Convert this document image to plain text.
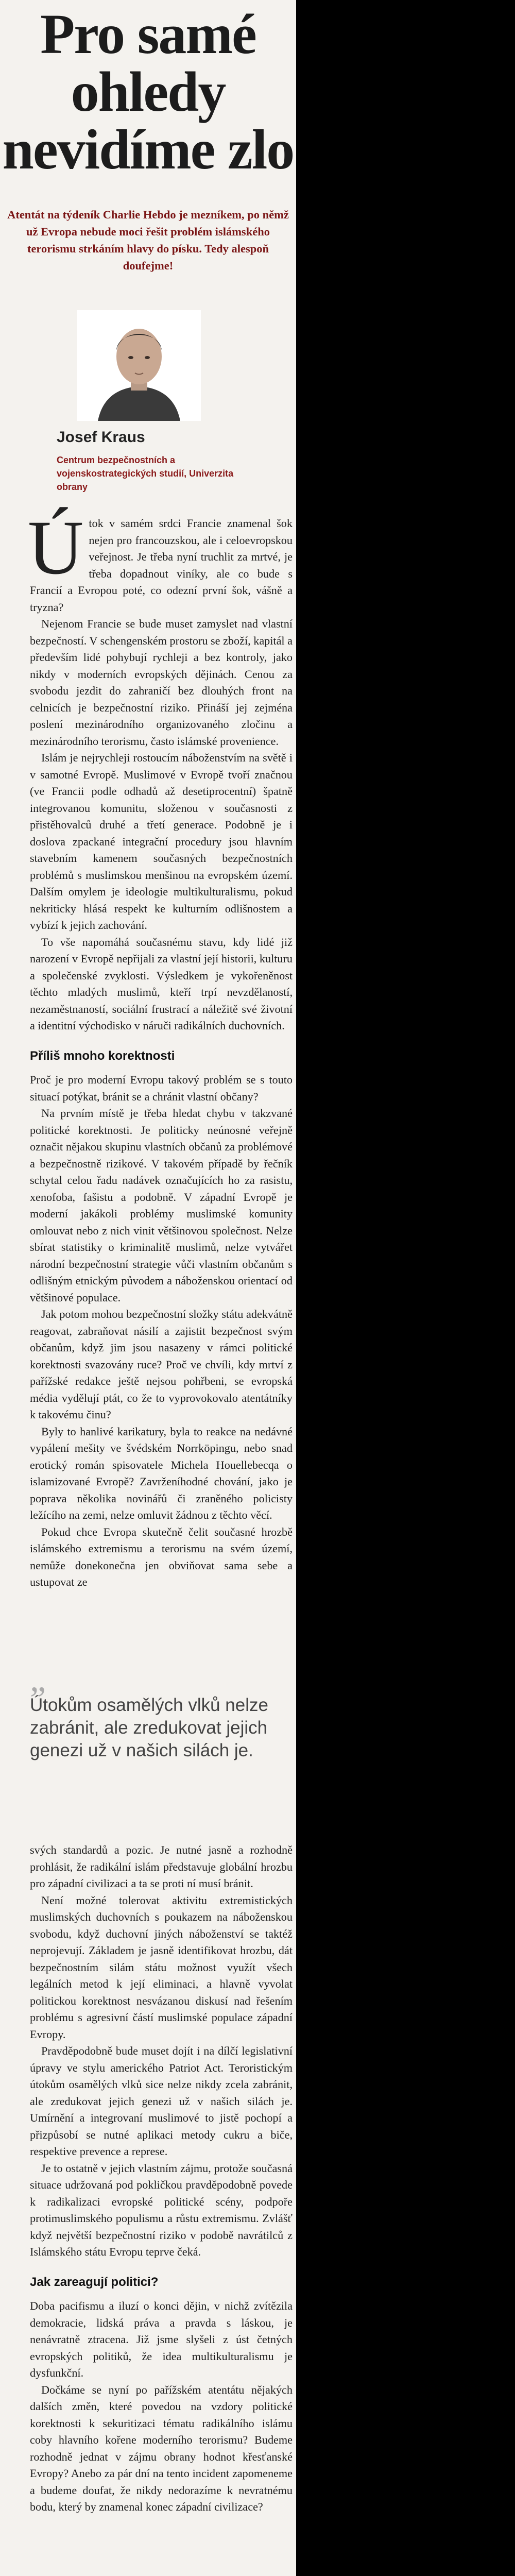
Pro samé
ohledy
nevidíme zlo
Atentát na týdeník Charlie Hebdo je mezníkem, po němž už Evropa nebude moci řešit problém islámského terorismu strkáním hlavy do písku. Tedy alespoň doufejme!
Josef Kraus
Centrum bezpečnostních a vojenskostrategických studií, Univerzita obrany
Ú tok v samém srdci Francie znamenal šok nejen pro francouzskou, ale i celoevropskou veřejnost. Je třeba nyní truchlit za mrtvé, je třeba dopadnout viníky, ale co bude s Francií a Evropou poté, co odezní první šok, vášně a tryzna?

Nejenom Francie se bude muset zamyslet nad vlastní bezpečností. V schengenském prostoru se zboží, kapitál a především lidé pohybují rychleji a bez kontroly, jako nikdy v moderních evropských dějinách. Cenou za svobodu jezdit do zahraničí bez dlouhých front na celnicích je bezpečnostní riziko. Přináší jej zejména poslení mezinárodního organizovaného zločinu a mezinárodního terorismu, často islámské provenience.

Islám je nejrychleji rostoucím náboženstvím na světě i v samotné Evropě. Muslimové v Evropě tvoří značnou (ve Francii podle odhadů až desetiprocentní) špatně integrovanou komunitu, složenou v současnosti z přistěhovalců druhé a třetí generace. Podobně je i doslova zpackané integrační procedury jsou hlavním stavebním kamenem současných bezpečnostních problémů s muslimskou menšinou na evropském území. Dalším omylem je ideologie multikulturalismu, pokud nekriticky hlásá respekt ke kulturním odlišnostem a vybízí k jejich zachování.

To vše napomáhá současnému stavu, kdy lidé již narození v Evropě nepřijali za vlastní její historii, kulturu a společenské zvyklosti. Výsledkem je vykořeněnost těchto mladých muslimů, kteří trpí nevzdělaností, nezaměstnaností, sociální frustrací a náležitě své životní a identitní východisko v náruči radikálních duchovních.

Příliš mnoho korektnosti

Proč je pro moderní Evropu takový problém se s touto situací potýkat, bránit se a chránit vlastní občany?

Na prvním místě je třeba hledat chybu v takzvané politické korektnosti. Je politicky neúnosné veřejně označit nějakou skupinu vlastních občanů za problémové a bezpečnostně rizikové. V takovém případě by řečník schytal celou řadu nadávek označujících ho za rasistu, xenofoba, fašistu a podobně. V západní Evropě je moderní jakákoli problémy muslimské komunity omlouvat nebo z nich vinit většinovou společnost. Nelze sbírat statistiky o kriminalitě muslimů, nelze vytvářet národní bezpečnostní strategie vůči vlastním občanům s odlišným etnickým původem a náboženskou orientací od většinové populace.

Jak potom mohou bezpečnostní složky státu adekvátně reagovat, zabraňovat násilí a zajistit bezpečnost svým občanům, když jim jsou nasazeny v rámci politické korektnosti svazovány ruce? Proč ve chvíli, kdy mrtví z pařížské redakce ještě nejsou pohřbeni, se evropská média vydělují ptát, co že to vyprovokovalo atentátníky k takovému činu?

Byly to hanlivé karikatury, byla to reakce na nedávné vypálení mešity ve švédském Norrköpingu, nebo snad erotický román spisovatele Michela Houellebecqa o islamizované Evropě? Zavrženíhodné chování, jako je popravа několika novinářů či zraněného policisty ležícího na zemi, nelze omluvit žádnou z těchto věcí.

Pokud chce Evropa skutečně čelit současné hrozbě islámského extremismu a terorismu na svém území, nemůže donekonečna jen obviňovat sama sebe a ustupovat ze

„
Útokům osamělých vlků nelze zabránit, ale zredukovat jejich genezi už v našich silách je.

svých standardů a pozic. Je nutné jasně a rozhodně prohlásit, že radikální islám představuje globální hrozbu pro západní civilizaci a ta se proti ní musí bránit.

Není možné tolerovat aktivitu extremistických muslimských duchovních s poukazem na náboženskou svobodu, když duchovní jiných náboženství se taktéž neprojevují. Základem je jasně identifikovat hrozbu, dát bezpečnostním silám státu možnost využít všech legálních metod k její eliminaci, a hlavně vyvolat politickou korektnost nesvázanou diskusí nad řešením problému s agresivní částí muslimské populace západní Evropy.

Pravděpodobně bude muset dojít i na dílčí legislativní úpravy ve stylu amerického Patriot Act. Teroristickým útokům osamělých vlků sice nelze nikdy zcela zabránit, ale zredukovat jejich genezi už v našich silách je. Umírnění a integrovaní muslimové to jistě pochopí a přizpůsobí se nutné aplikaci metody cukru a biče, respektive prevence a represe.

Je to ostatně v jejich vlastním zájmu, protože současná situace udržovaná pod pokličkou pravděpodobně povede k radikalizaci evropské politické scény, podpoře protimuslimského populismu a růstu extremismu. Zvlášť když největší bezpečnostní riziko v podobě navrátilců z Islámského státu Evropu teprve čeká.

Jak zareagují politici?

Doba pacifismu a iluzí o konci dějin, v nichž zvítězila demokracie, lidská práva a pravda s láskou, je nenávratně ztracena. Již jsme slyšeli z úst četných evropských politiků, že idea multikulturalismu je dysfunkční.

Dočkáme se nyní po pařížském atentátu nějakých dalších změn, které povedou na vzdory politické korektnosti k sekuritizaci tématu radikálního islámu coby hlavního kořene moderního terorismu? Budeme rozhodně jednat v zájmu obrany hodnot křesťanské Evropy? Anebo za pár dní na tento incident zapomeneme a budeme doufat, že nikdy nedorazíme k nevratnému bodu, který by znamenal konec západní civilizace?
